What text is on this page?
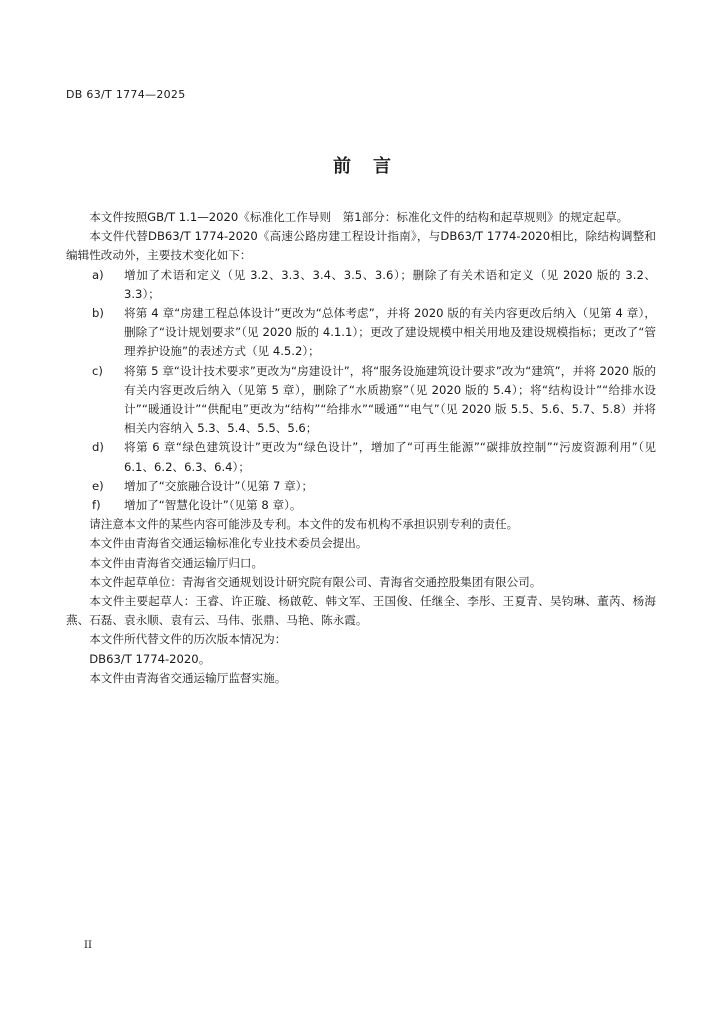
DB 63/T 1774—2025
前言

本文件按照GB/T 1.1—2020《标准化工作导则　第1部分：标准化文件的结构和起草规则》的规定起草。

本文件代替DB63/T 1774-2020《高速公路房建工程设计指南》，与DB63/T 1774-2020相比，除结构调整和编辑性改动外，主要技术变化如下：

a)	增加了术语和定义（见 3.2、3.3、3.4、3.5、3.6）；删除了有关术语和定义（见 2020 版的 3.2、3.3）；
b)	将第 4 章“房建工程总体设计”更改为“总体考虑”，并将 2020 版的有关内容更改后纳入（见第 4 章），删除了“设计规划要求”（见 2020 版的 4.1.1）；更改了建设规模中相关用地及建设规模指标；更改了“管理养护设施”的表述方式（见 4.5.2）；
c)	将第 5 章“设计技术要求”更改为“房建设计”，将“服务设施建筑设计要求”改为“建筑”，并将 2020 版的有关内容更改后纳入（见第 5 章），删除了“水质勘察”（见 2020 版的 5.4）；将“结构设计”“给排水设计”“暖通设计”“供配电”更改为“结构”“给排水”“暖通”“电气”（见 2020 版 5.5、5.6、5.7、5.8）并将相关内容纳入 5.3、5.4、5.5、5.6；
d)	将第 6 章“绿色建筑设计”更改为“绿色设计”，增加了“可再生能源”“碳排放控制”“污废资源利用”（见 6.1、6.2、6.3、6.4）；
e)	增加了“交旅融合设计”（见第 7 章）；
f)	增加了“智慧化设计”（见第 8 章）。

请注意本文件的某些内容可能涉及专利。本文件的发布机构不承担识别专利的责任。

本文件由青海省交通运输标准化专业技术委员会提出。

本文件由青海省交通运输厅归口。

本文件起草单位：青海省交通规划设计研究院有限公司、青海省交通控股集团有限公司。

本文件主要起草人：王睿、许正璇、杨啟乾、韩文军、王国俊、任继全、李彤、王夏青、吴钧琳、董芮、杨海燕、石磊、袁永顺、袁有云、马伟、张鼎、马艳、陈永霞。

本文件所代替文件的历次版本情况为：

DB63/T 1774-2020。

本文件由青海省交通运输厅监督实施。

II
